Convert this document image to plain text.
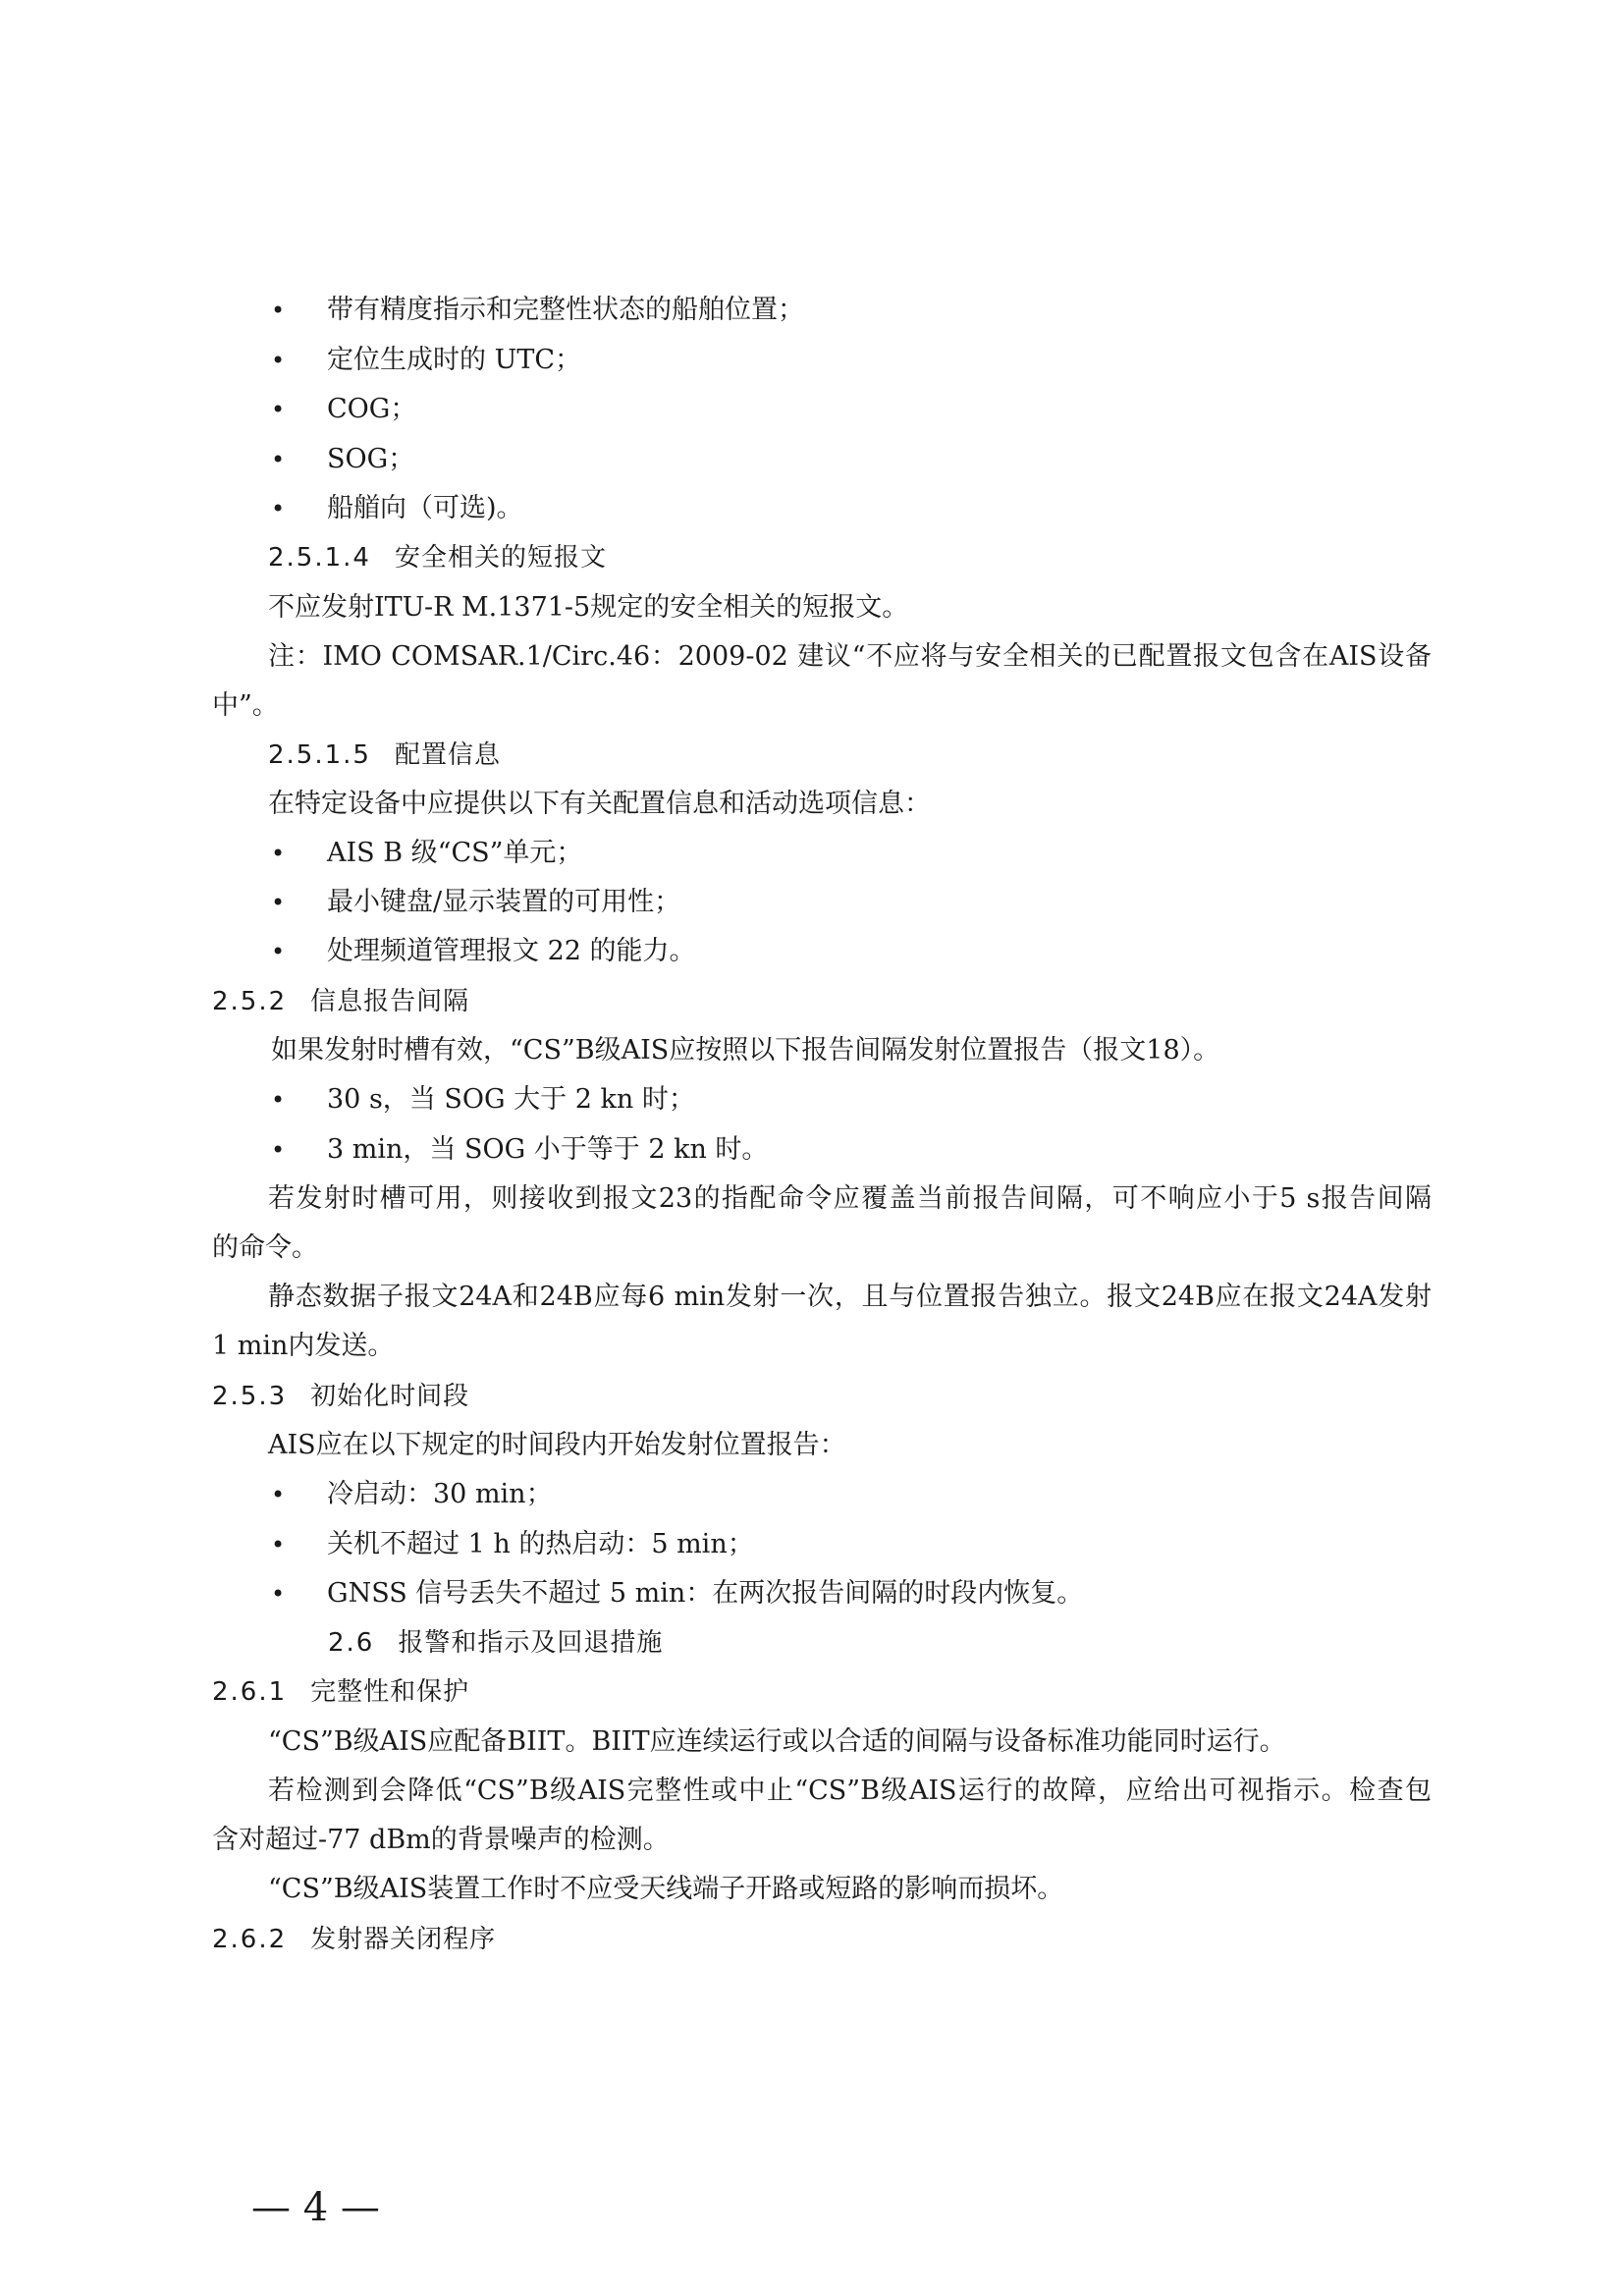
• 带有精度指示和完整性状态的船舶位置；
• 定位生成时的 UTC；
• COG；
• SOG；
• 船艏向（可选)。
2.5.1.4 安全相关的短报文
不应发射ITU-R M.1371-5规定的安全相关的短报文。
注：IMO COMSAR.1/Circ.46：2009-02 建议“不应将与安全相关的已配置报文包含在AIS设备
中”。
2.5.1.5 配置信息
在特定设备中应提供以下有关配置信息和活动选项信息：
• AIS B 级“CS”单元；
• 最小键盘/显示装置的可用性；
• 处理频道管理报文 22 的能力。
2.5.2 信息报告间隔
如果发射时槽有效，“CS”B级AIS应按照以下报告间隔发射位置报告（报文18）。
• 30 s，当 SOG 大于 2 kn 时；
• 3 min，当 SOG 小于等于 2 kn 时。
若发射时槽可用，则接收到报文23的指配命令应覆盖当前报告间隔，可不响应小于5 s报告间隔
的命令。
静态数据子报文24A和24B应每6 min发射一次，且与位置报告独立。报文24B应在报文24A发射
1 min内发送。
2.5.3 初始化时间段
AIS应在以下规定的时间段内开始发射位置报告：
• 冷启动：30 min；
• 关机不超过 1 h 的热启动：5 min；
• GNSS 信号丢失不超过 5 min：在两次报告间隔的时段内恢复。
2.6 报警和指示及回退措施
2.6.1 完整性和保护
“CS”B级AIS应配备BIIT。BIIT应连续运行或以合适的间隔与设备标准功能同时运行。
若检测到会降低“CS”B级AIS完整性或中止“CS”B级AIS运行的故障，应给出可视指示。检查包
含对超过-77 dBm的背景噪声的检测。
“CS”B级AIS装置工作时不应受天线端子开路或短路的影响而损坏。
2.6.2 发射器关闭程序
— 4 —
